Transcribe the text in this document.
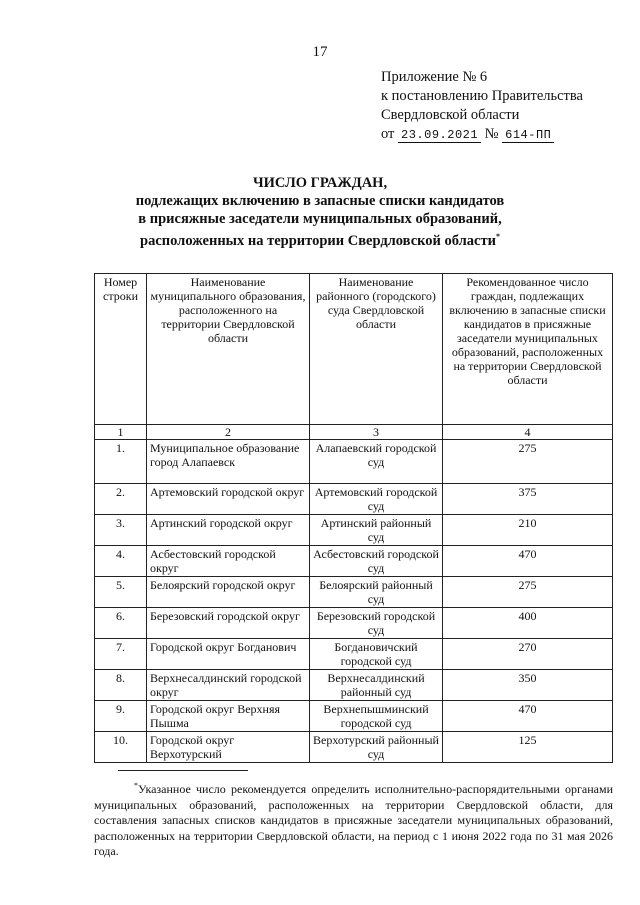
17
Приложение № 6
к постановлению Правительства
Свердловской области
от 23.09.2021 № 614-ПП
ЧИСЛО ГРАЖДАН,
подлежащих включению в запасные списки кандидатов
в присяжные заседатели муниципальных образований,
расположенных на территории Свердловской области*
Номер строки	Наименование муниципального образования, расположенного на территории Свердловской области	Наименование районного (городского) суда Свердловской области	Рекомендованное число граждан, подлежащих включению в запасные списки кандидатов в присяжные заседатели муниципальных образований, расположенных на территории Свердловской области
1	2	3	4
1.	Муниципальное образование город Алапаевск	Алапаевский городской суд	275
2.	Артемовский городской округ	Артемовский городской суд	375
3.	Артинский городской округ	Артинский районный суд	210
4.	Асбестовский городской округ	Асбестовский городской суд	470
5.	Белоярский городской округ	Белоярский районный суд	275
6.	Березовский городской округ	Березовский городской суд	400
7.	Городской округ Богданович	Богдановичский городской суд	270
8.	Верхнесалдинский городской округ	Верхнесалдинский районный суд	350
9.	Городской округ Верхняя Пышма	Верхнепышминский городской суд	470
10.	Городской округ Верхотурский	Верхотурский районный суд	125
*Указанное число рекомендуется определить исполнительно-распорядительными органами муниципальных образований, расположенных на территории Свердловской области, для составления запасных списков кандидатов в присяжные заседатели муниципальных образований, расположенных на территории Свердловской области, на период с 1 июня 2022 года по 31 мая 2026 года.
